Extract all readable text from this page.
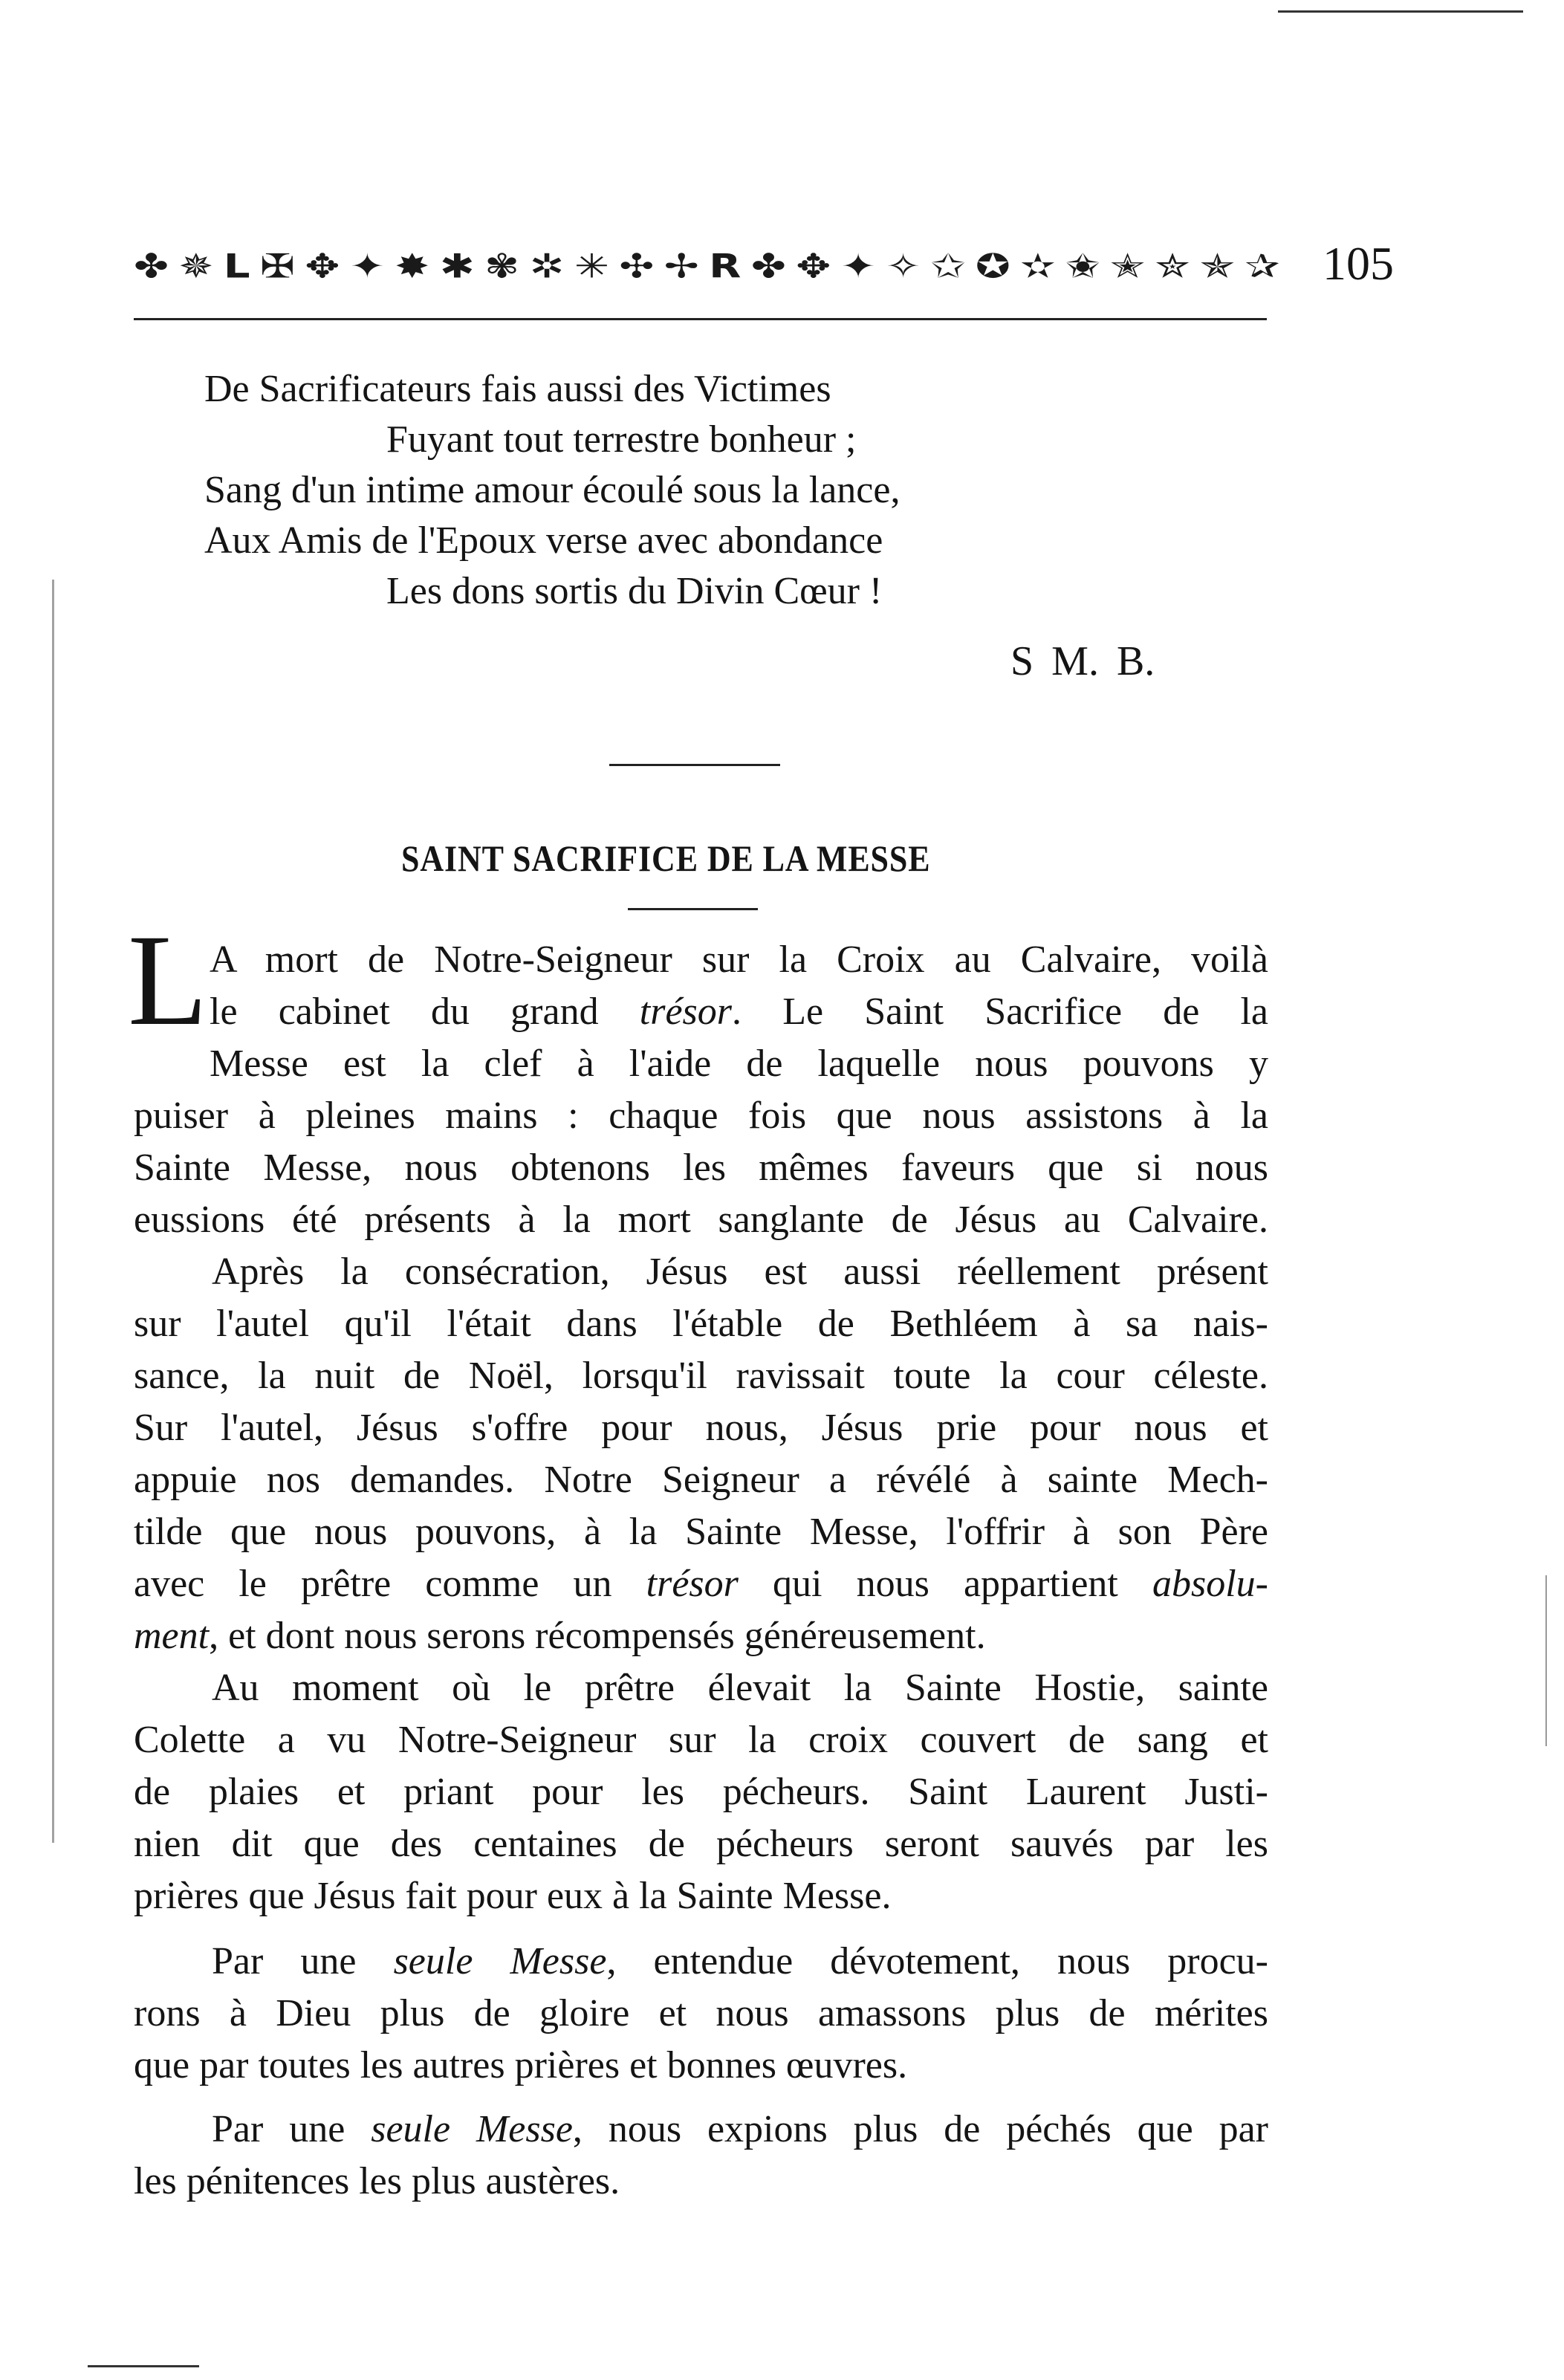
✤ ✵ L ✠ ✥ ✦ ✸ ✱ ✾ ✲ ✳ ✣ ✢ R ✤ ✥ ✦ ✧ ✩ ✪ ✫ ✬ ✭ ✮ ✯ ✰ 105
De Sacrificateurs fais aussi des Victimes
Fuyant tout terrestre bonheur ;
Sang d'un intime amour écoulé sous la lance,
Aux Amis de l'Epoux verse avec abondance
Les dons sortis du Divin Cœur !
S M. B.
SAINT SACRIFICE DE LA MESSE
L A mort de Notre-Seigneur sur la Croix au Calvaire, voilà
le cabinet du grand trésor. Le Saint Sacrifice de la
Messe est la clef à l'aide de laquelle nous pouvons y
puiser à pleines mains : chaque fois que nous assistons à la
Sainte Messe, nous obtenons les mêmes faveurs que si nous
eussions été présents à la mort sanglante de Jésus au Calvaire.
Après la consécration, Jésus est aussi réellement présent
sur l'autel qu'il l'était dans l'étable de Bethléem à sa nais-
sance, la nuit de Noël, lorsqu'il ravissait toute la cour céleste.
Sur l'autel, Jésus s'offre pour nous, Jésus prie pour nous et
appuie nos demandes. Notre Seigneur a révélé à sainte Mech-
tilde que nous pouvons, à la Sainte Messe, l'offrir à son Père
avec le prêtre comme un trésor qui nous appartient absolu-
ment, et dont nous serons récompensés généreusement.
Au moment où le prêtre élevait la Sainte Hostie, sainte
Colette a vu Notre-Seigneur sur la croix couvert de sang et
de plaies et priant pour les pécheurs. Saint Laurent Justi-
nien dit que des centaines de pécheurs seront sauvés par les
prières que Jésus fait pour eux à la Sainte Messe.
Par une seule Messe, entendue dévotement, nous procu-
rons à Dieu plus de gloire et nous amassons plus de mérites
que par toutes les autres prières et bonnes œuvres.
Par une seule Messe, nous expions plus de péchés que par
les pénitences les plus austères.
